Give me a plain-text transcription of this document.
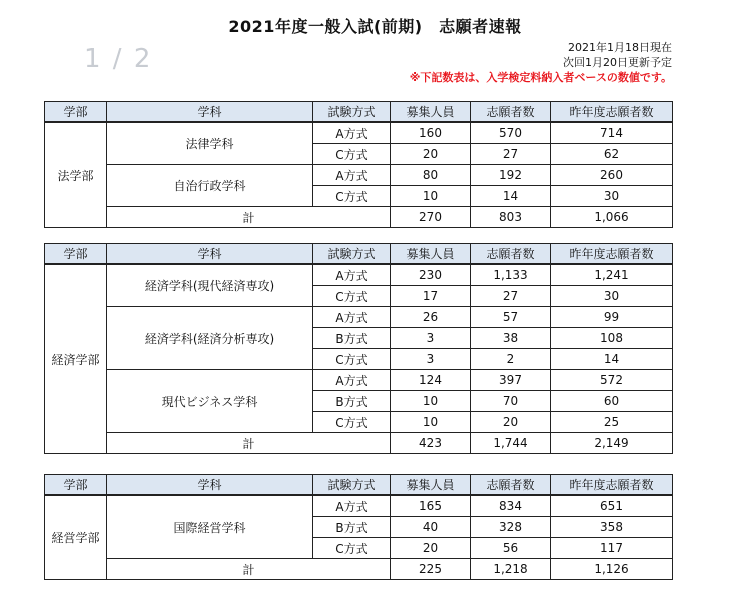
1 / 2
2021年度一般入試(前期)　志願者速報
2021年1月18日現在
次回1月20日更新予定
※下記数表は、入学検定料納入者ベースの数値です。
学部	学科	試験方式	募集人員	志願者数	昨年度志願者数
法学部	法律学科	A方式	160	570	714
		C方式	20	27	62
	自治行政学科	A方式	80	192	260
		C方式	10	14	30
	計		270	803	1,066
学部	学科	試験方式	募集人員	志願者数	昨年度志願者数
経済学部	経済学科(現代経済専攻)	A方式	230	1,133	1,241
		C方式	17	27	30
	経済学科(経済分析専攻)	A方式	26	57	99
		B方式	3	38	108
		C方式	3	2	14
	現代ビジネス学科	A方式	124	397	572
		B方式	10	70	60
		C方式	10	20	25
	計		423	1,744	2,149
学部	学科	試験方式	募集人員	志願者数	昨年度志願者数
経営学部	国際経営学科	A方式	165	834	651
		B方式	40	328	358
		C方式	20	56	117
	計		225	1,218	1,126
